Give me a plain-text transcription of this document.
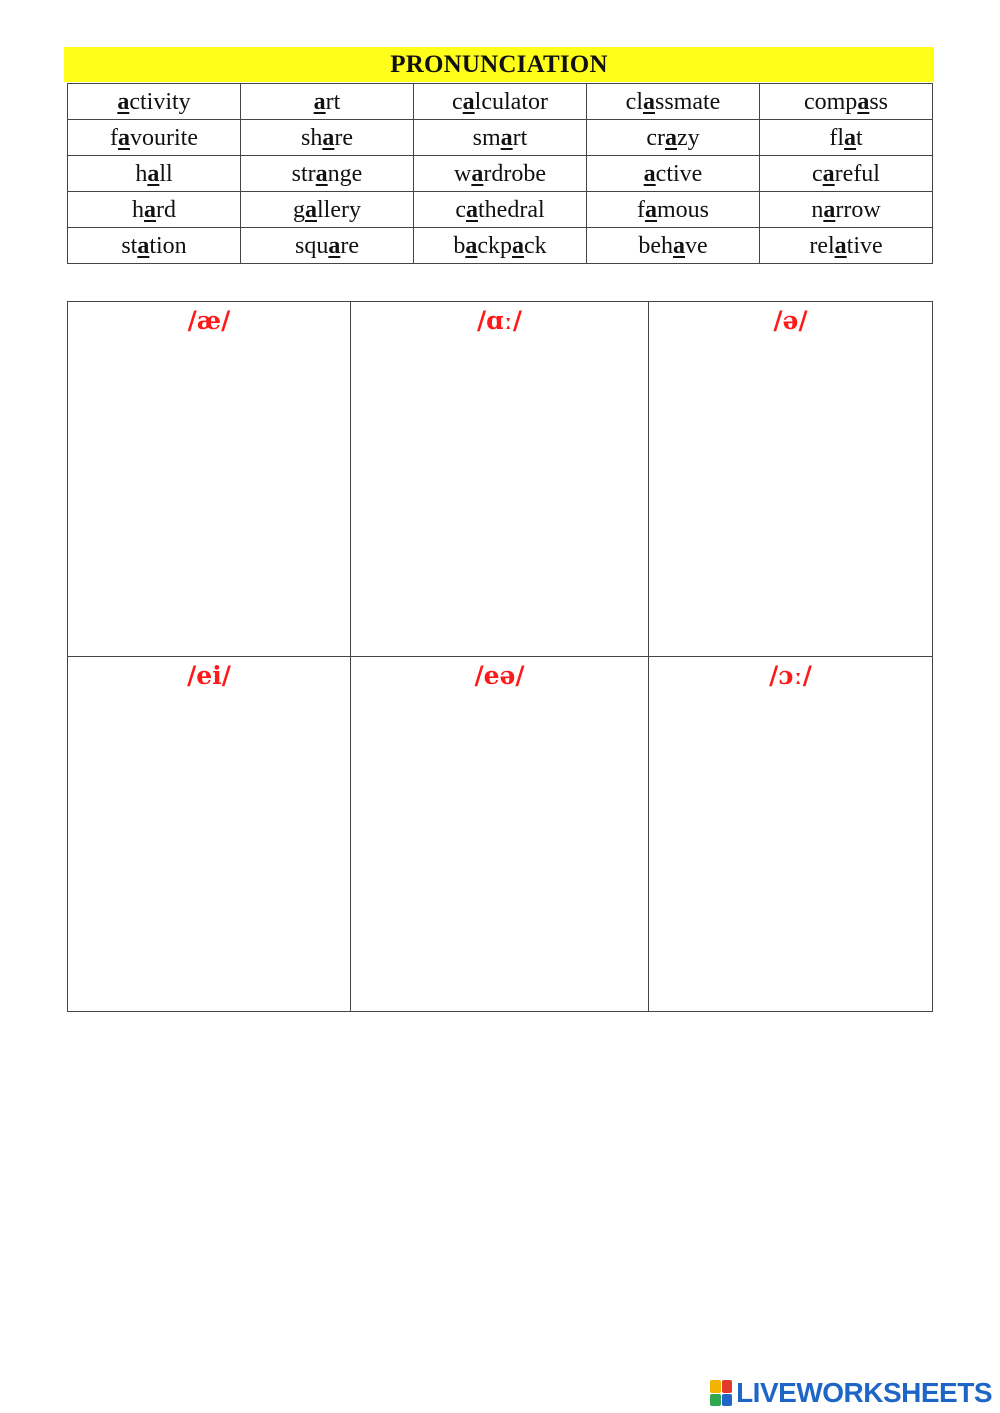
PRONUNCIATION
activity	art	calculator	classmate	compass
favourite	share	smart	crazy	flat
hall	strange	wardrobe	active	careful
hard	gallery	cathedral	famous	narrow
station	square	backpack	behave	relative
/æ/	/ɑː/	/ə/

/ei/	/eə/	/ɔː/
LIVEWORKSHEETS
